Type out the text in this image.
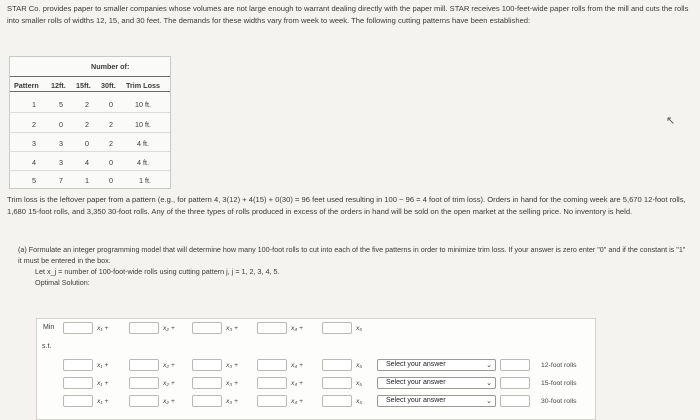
STAR Co. provides paper to smaller companies whose volumes are not large enough to warrant dealing directly with the paper mill. STAR receives 100-feet-wide paper rolls from the mill and cuts the rolls into smaller rolls of widths 12, 15, and 30 feet. The demands for these widths vary from week to week. The following cutting patterns have been established:
Number of:
Pattern 12ft. 15ft. 30ft. Trim Loss
1	5	2	0	10 ft.
2	0	2	2	10 ft.
3	3	0	2	4 ft.
4	3	4	0	4 ft.
5	7	1	0	1 ft.
Trim loss is the leftover paper from a pattern (e.g., for pattern 4, 3(12) + 4(15) + 0(30) = 96 feet used resulting in 100 − 96 = 4 foot of trim loss). Orders in hand for the coming week are 5,670 12-foot rolls, 1,680 15-foot rolls, and 3,350 30-foot rolls. Any of the three types of rolls produced in excess of the orders in hand will be sold on the open market at the selling price. No inventory is held.
(a) Formulate an integer programming model that will determine how many 100-foot rolls to cut into each of the five patterns in order to minimize trim loss. If your answer is zero enter "0" and if the constant is "1" it must be entered in the box.
Let x_j = number of 100-foot-wide rolls using cutting pattern j, j = 1, 2, 3, 4, 5.
Optimal Solution:
Min	x₁ +	x₂ +	x₃ +	x₄ +	x₅
s.t.
x₁ +	x₂ +	x₃ +	x₄ +	x₅	Select your answer	⌄	12-foot rolls
x₁ +	x₂ +	x₃ +	x₄ +	x₅	Select your answer	⌄	15-foot rolls
x₁ +	x₂ +	x₃ +	x₄ +	x₅	Select your answer	⌄	30-foot rolls
↖
